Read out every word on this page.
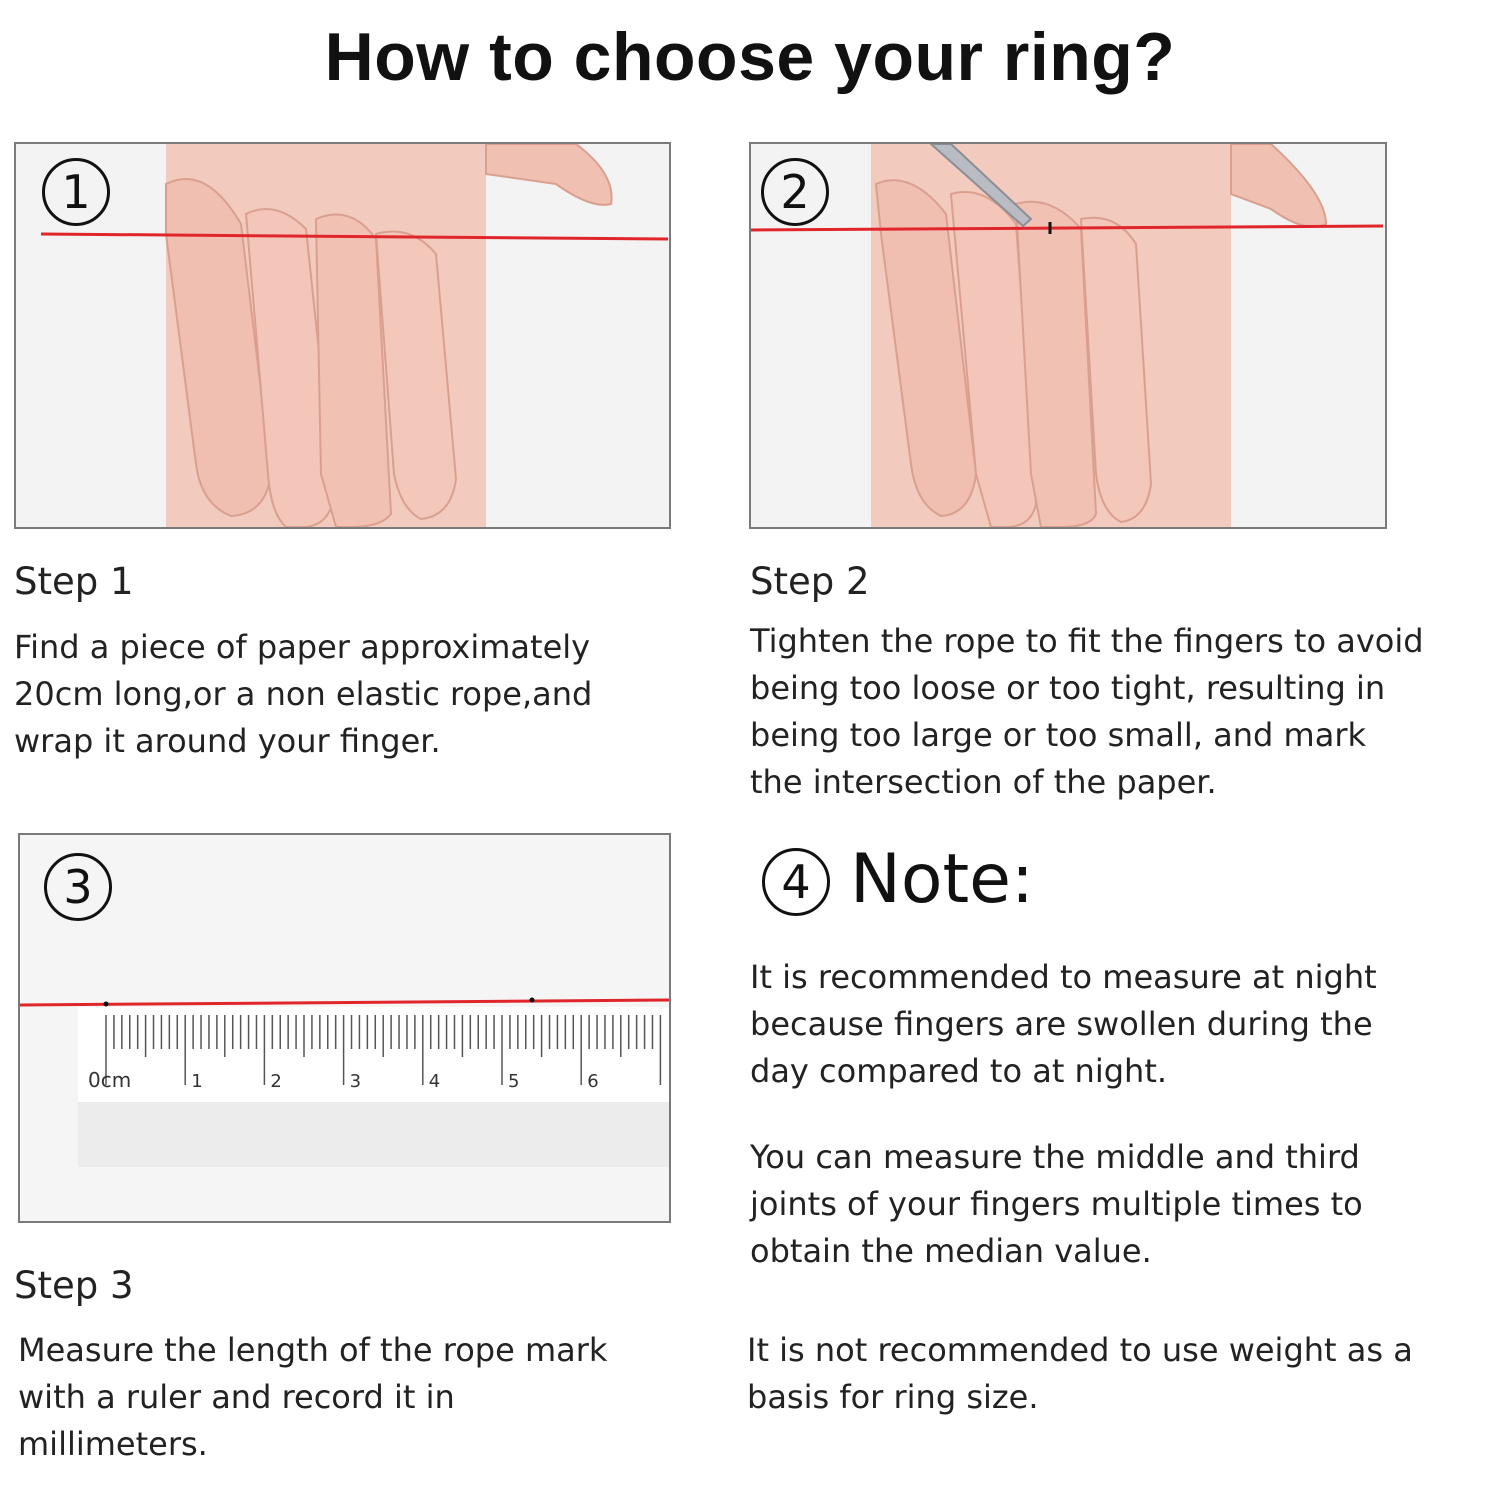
How to choose your ring?
1	2
0cm	1	2	3	4	5	6
3
Step 1
Find a piece of paper approximately
20cm long,or a non elastic rope,and
wrap it around your finger.
Step 2
Tighten the rope to fit the fingers to avoid
being too loose or too tight, resulting in
being too large or too small, and mark
the intersection of the paper.
Step 3
Measure the length of the rope mark
with a ruler and record it in
millimeters.
4 Note:
It is recommended to measure at night
because fingers are swollen during the
day compared to at night.
You can measure the middle and third
joints of your fingers multiple times to
obtain the median value.
It is not recommended to use weight as a
basis for ring size.
